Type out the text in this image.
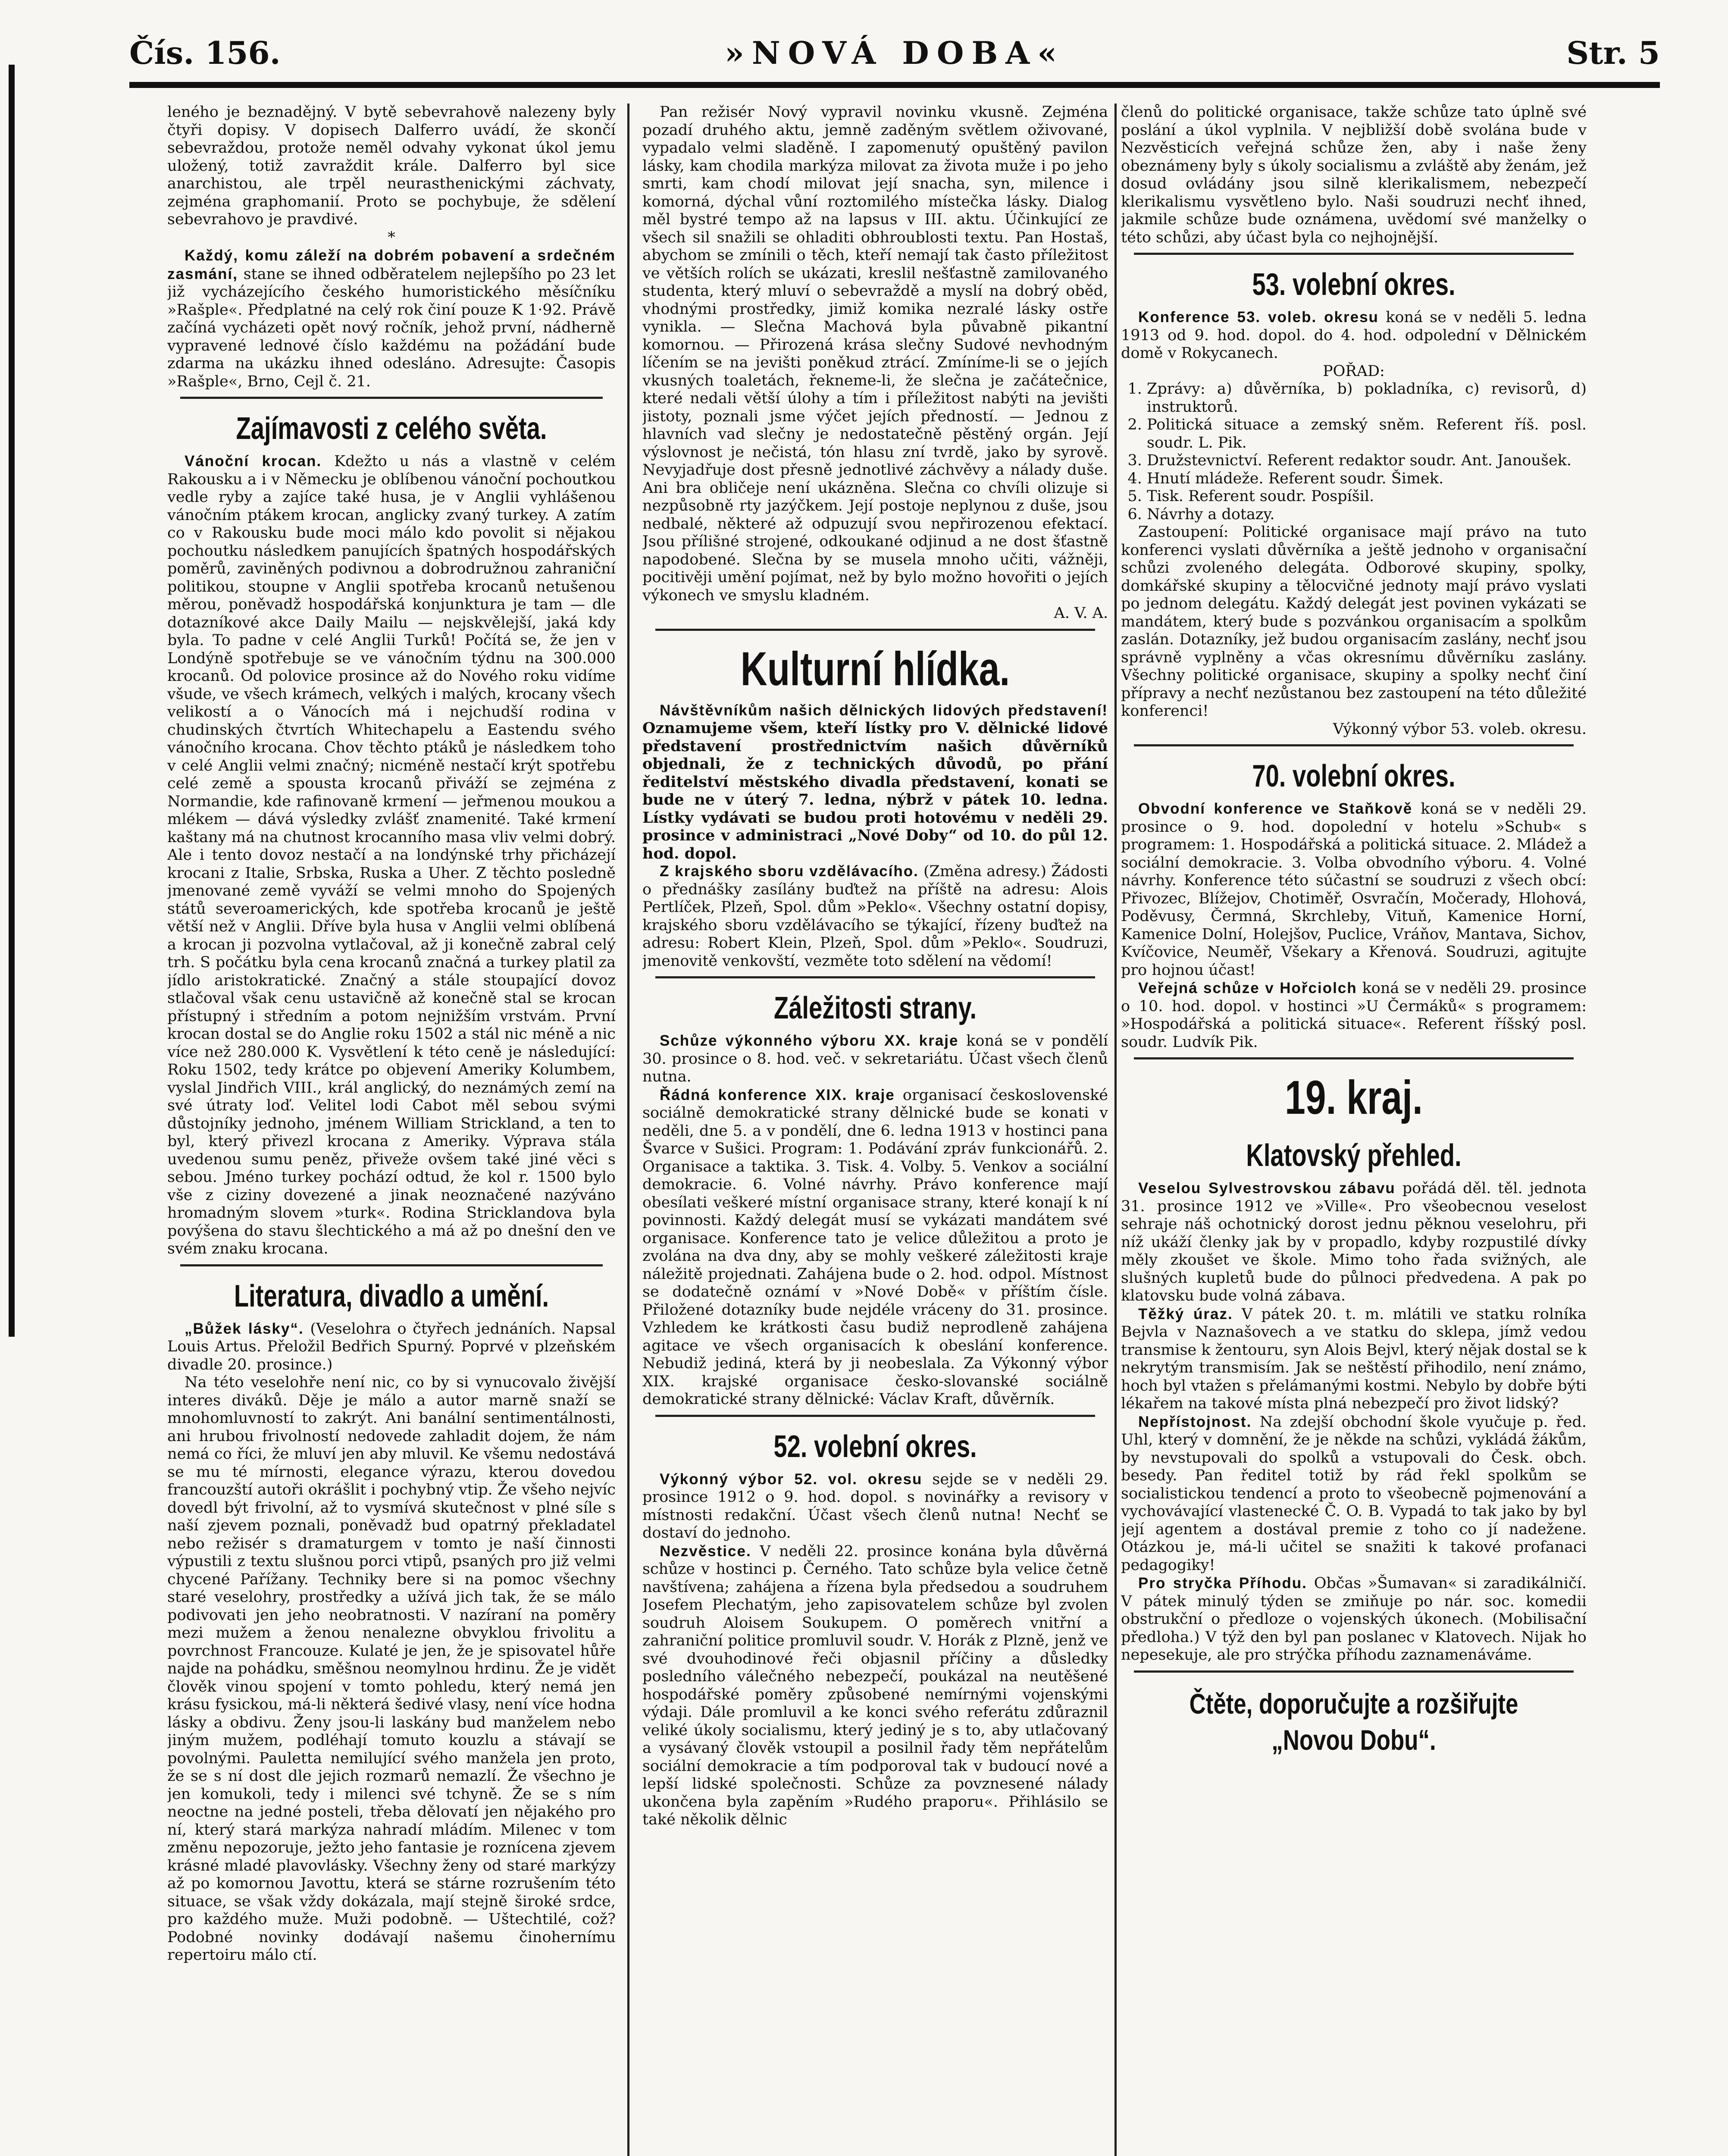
Čís. 156.	»NOVÁ DOBA«	Str. 5

leného je beznadějný. V bytě sebevrahově nalezeny byly čtyři dopisy. V dopisech Dalferro uvádí, že skončí sebevraždou, protože neměl odvahy vykonat úkol jemu uložený, totiž zavraždit krále. Dalferro byl sice anarchistou, ale trpěl neurasthenickými záchvaty, zejména graphomanií. Proto se pochybuje, že sdělení sebevrahovo je pravdivé.

*

Každý, komu záleží na dobrém pobavení a srdečném zasmání, stane se ihned odběratelem nejlepšího po 23 let již vycházejícího českého humoristického měsíčníku »Rašple«. Předplatné na celý rok činí pouze K 1·92. Právě začíná vycházeti opět nový ročník, jehož první, nádherně vypravené lednové číslo každému na požádání bude zdarma na ukázku ihned odesláno. Adresujte: Časopis »Rašple«, Brno, Cejl č. 21.

Zajímavosti z celého světa.

Vánoční krocan. Kdežto u nás a vlastně v celém Rakousku a i v Německu je oblíbenou vánoční pochoutkou vedle ryby a zajíce také husa, je v Anglii vyhlášenou vánočním ptákem krocan, anglicky zvaný turkey. A zatím co v Rakousku bude moci málo kdo povolit si nějakou pochoutku následkem panujících špatných hospodářských poměrů, zaviněných podivnou a dobrodružnou zahraniční politikou, stoupne v Anglii spotřeba krocanů netušenou měrou, poněvadž hospodářská konjunktura je tam — dle dotazníkové akce Daily Mailu — nejskvělejší, jaká kdy byla. To padne v celé Anglii Turků! Počítá se, že jen v Londýně spotřebuje se ve vánočním týdnu na 300.000 krocanů. Od polovice prosince až do Nového roku vidíme všude, ve všech krámech, velkých i malých, krocany všech velikostí a o Vánocích má i nejchudší rodina v chudinských čtvrtích Whitechapelu a Eastendu svého vánočního krocana. Chov těchto ptáků je následkem toho v celé Anglii velmi značný; nicméně nestačí krýt spotřebu celé země a spousta krocanů přiváží se zejména z Normandie, kde rafinovaně krmení — jeřmenou moukou a mlékem — dává výsledky zvlášť znamenité. Také krmení kaštany má na chutnost krocanního masa vliv velmi dobrý. Ale i tento dovoz nestačí a na londýnské trhy přicházejí krocani z Italie, Srbska, Ruska a Uher. Z těchto posledně jmenované země vyváží se velmi mnoho do Spojených států severoamerických, kde spotřeba krocanů je ještě větší než v Anglii. Dříve byla husa v Anglii velmi oblíbená a krocan ji pozvolna vytlačoval, až ji konečně zabral celý trh. S počátku byla cena krocanů značná a turkey platil za jídlo aristokratické. Značný a stále stoupající dovoz stlačoval však cenu ustavičně až konečně stal se krocan přístupný i středním a potom nejnižším vrstvám. První krocan dostal se do Anglie roku 1502 a stál nic méně a nic více než 280.000 K. Vysvětlení k této ceně je následující: Roku 1502, tedy krátce po objevení Ameriky Kolumbem, vyslal Jindřich VIII., král anglický, do neznámých zemí na své útraty loď. Velitel lodi Cabot měl sebou svými důstojníky jednoho, jménem William Strickland, a ten to byl, který přivezl krocana z Ameriky. Výprava stála uvedenou sumu peněz, přiveže ovšem také jiné věci s sebou. Jméno turkey pochází odtud, že kol r. 1500 bylo vše z ciziny dovezené a jinak neoznačené nazýváno hromadným slovem »turk«. Rodina Stricklandova byla povýšena do stavu šlechtického a má až po dnešní den ve svém znaku krocana.

Literatura, divadlo a umění.

„Bůžek lásky“. (Veselohra o čtyřech jednáních. Napsal Louis Artus. Přeložil Bedřich Spurný. Poprvé v plzeňském divadle 20. prosince.)

Na této veselohře není nic, co by si vynucovalo živější interes diváků. Děje je málo a autor marně snaží se mnohomluvností to zakrýt. Ani banální sentimentálnosti, ani hrubou frivolností nedovede zahladit dojem, že nám nemá co říci, že mluví jen aby mluvil. Ke všemu nedostává se mu té mírnosti, elegance výrazu, kterou dovedou francouzští autoři okrášlit i pochybný vtip. Že všeho nejvíc dovedl být frivolní, až to vysmívá skutečnost v plné síle s naší zjevem poznali, poněvadž bud opatrný překladatel nebo režisér s dramaturgem v tomto je naší činnosti výpustili z textu slušnou porci vtipů, psaných pro již velmi chycené Pařížany. Techniky bere si na pomoc všechny staré veselohry, prostředky a užívá jich tak, že se málo podivovati jen jeho neobratnosti. V nazíraní na poměry mezi mužem a ženou nenalezne obvyklou frivolitu a povrchnost Francouze. Kulaté je jen, že je spisovatel hůře najde na pohádku, směšnou neomylnou hrdinu. Že je vidět člověk vinou spojení v tomto pohledu, který nemá jen krásu fysickou, má-li některá šedivé vlasy, není více hodna lásky a obdivu. Ženy jsou-li laskány bud manželem nebo jiným mužem, podléhají tomuto kouzlu a stávají se povolnými. Pauletta nemilující svého manžela jen proto, že se s ní dost dle jejich rozmarů nemazlí. Že všechno je jen komukoli, tedy i milenci své tchyně. Že se s ním neoctne na jedné posteli, třeba dělovatí jen nějakého pro ní, který stará markýza nahradí mládím. Milenec v tom změnu nepozoruje, ježto jeho fantasie je roznícena zjevem krásné mladé plavovlásky. Všechny ženy od staré markýzy až po komornou Javottu, která se stárne rozrušením této situace, se však vždy dokázala, mají stejně široké srdce, pro každého muže. Muži podobně. — Uštechtilé, což? Podobné novinky dodávají našemu činohernímu repertoiru málo ctí.

Pan režisér Nový vypravil novinku vkusně. Zejména pozadí druhého aktu, jemně zaděným světlem oživované, vypadalo velmi sladěně. I zapomenutý opuštěný pavilon lásky, kam chodila markýza milovat za života muže i po jeho smrti, kam chodí milovat její snacha, syn, milence i komorná, dýchal vůní roztomilého místečka lásky. Dialog měl bystré tempo až na lapsus v III. aktu. Účinkující ze všech sil snažili se ohladiti obhroublosti textu. Pan Hostaš, abychom se zmínili o těch, kteří nemají tak často příležitost ve větších rolích se ukázati, kreslil nešťastně zamilovaného studenta, který mluví o sebevraždě a myslí na dobrý oběd, vhodnými prostředky, jimiž komika nezralé lásky ostře vynikla. — Slečna Machová byla půvabně pikantní komornou. — Přirozená krása slečny Sudové nevhodným líčením se na jevišti poněkud ztrácí. Zmíníme-li se o jejích vkusných toaletách, řekneme-li, že slečna je začátečnice, které nedali větší úlohy a tím i příležitost nabýti na jevišti jistoty, poznali jsme výčet jejích předností. — Jednou z hlavních vad slečny je nedostatečně pěstěný orgán. Její výslovnost je nečistá, tón hlasu zní tvrdě, jako by syrově. Nevyjadřuje dost přesně jednotlivé záchvěvy a nálady duše. Ani bra obličeje není ukázněna. Slečna co chvíli olizuje si nezpůsobně rty jazýčkem. Její postoje neplynou z duše, jsou nedbalé, některé až odpuzují svou nepřirozenou efektací. Jsou přílišné strojené, odkoukané odjinud a ne dost šťastně napodobené. Slečna by se musela mnoho učiti, vážněji, pocitivěji umění pojímat, než by bylo možno hovořiti o jejích výkonech ve smyslu kladném.

A. V. A.

Kulturní hlídka.

Návštěvníkům našich dělnických lidových představení! Oznamujeme všem, kteří lístky pro V. dělnické lidové představení prostřednictvím našich důvěrníků objednali, že z technických důvodů, po přání ředitelství městského divadla představení, konati se bude ne v úterý 7. ledna, nýbrž v pátek 10. ledna. Lístky vydávati se budou proti hotovému v neděli 29. prosince v administraci „Nové Doby“ od 10. do půl 12. hod. dopol.

Z krajského sboru vzdělávacího. (Změna adresy.) Žádosti o přednášky zasílány buďtež na příště na adresu: Alois Pertlíček, Plzeň, Spol. dům »Peklo«. Všechny ostatní dopisy, krajského sboru vzdělávacího se týkající, řízeny buďtež na adresu: Robert Klein, Plzeň, Spol. dům »Peklo«. Soudruzi, jmenovitě venkovští, vezměte toto sdělení na vědomí!

Záležitosti strany.

Schůze výkonného výboru XX. kraje koná se v pondělí 30. prosince o 8. hod. več. v sekretariátu. Účast všech členů nutna.

Řádná konference XIX. kraje organisací československé sociálně demokratické strany dělnické bude se konati v neděli, dne 5. a v pondělí, dne 6. ledna 1913 v hostinci pana Švarce v Sušici. Program: 1. Podávání zpráv funkcionářů. 2. Organisace a taktika. 3. Tisk. 4. Volby. 5. Venkov a sociální demokracie. 6. Volné návrhy. Právo konference mají obesílati veškeré místní organisace strany, které konají k ní povinnosti. Každý delegát musí se vykázati mandátem své organisace. Konference tato je velice důležitou a proto je zvolána na dva dny, aby se mohly veškeré záležitosti kraje náležitě projednati. Zahájena bude o 2. hod. odpol. Místnost se dodatečně oznámí v »Nové Době« v příštím čísle. Přiložené dotazníky bude nejdéle vráceny do 31. prosince. Vzhledem ke krátkosti času budiž neprodleně zahájena agitace ve všech organisacích k obeslání konference. Nebudiž jediná, která by ji neobeslala. Za Výkonný výbor XIX. krajské organisace česko-slovanské sociálně demokratické strany dělnické: Václav Kraft, důvěrník.

52. volební okres.

Výkonný výbor 52. vol. okresu sejde se v neděli 29. prosince 1912 o 9. hod. dopol. s novinářky a revisory v místnosti redakční. Účast všech členů nutna! Nechť se dostaví do jednoho.

Nezvěstice. V neděli 22. prosince konána byla důvěrná schůze v hostinci p. Černého. Tato schůze byla velice četně navštívena; zahájena a řízena byla předsedou a soudruhem Josefem Plechatým, jeho zapisovatelem schůze byl zvolen soudruh Aloisem Soukupem. O poměrech vnitřní a zahraniční politice promluvil soudr. V. Horák z Plzně, jenž ve své dvouhodinové řeči objasnil příčiny a důsledky posledního válečného nebezpečí, poukázal na neutěšené hospodářské poměry způsobené nemírnými vojenskými výdaji. Dále promluvil a ke konci svého referátu zdůraznil veliké úkoly socialismu, který jediný je s to, aby utlačovaný a vysávaný člověk vstoupil a posilnil řady těm nepřátelům sociální demokracie a tím podporoval tak v budoucí nové a lepší lidské společnosti. Schůze za povznesené nálady ukončena byla zapěním »Rudého praporu«. Přihlásilo se také několik dělnic

členů do politické organisace, takže schůze tato úplně své poslání a úkol vyplnila. V nejbližší době svolána bude v Nezvěsticích veřejná schůze žen, aby i naše ženy obeznámeny byly s úkoly socialismu a zvláště aby ženám, jež dosud ovládány jsou silně klerikalismem, nebezpečí klerikalismu vysvětleno bylo. Naši soudruzi nechť ihned, jakmile schůze bude oznámena, uvědomí své manželky o této schůzi, aby účast byla co nejhojnější.

53. volební okres.

Konference 53. voleb. okresu koná se v neděli 5. ledna 1913 od 9. hod. dopol. do 4. hod. odpolední v Dělnickém domě v Rokycanech.

POŘAD:

1. Zprávy: a) důvěrníka, b) pokladníka, c) revisorů, d) instruktorů.
2. Politická situace a zemský sněm. Referent říš. posl. soudr. L. Pik.
3. Družstevnictví. Referent redaktor soudr. Ant. Janoušek.
4. Hnutí mládeže. Referent soudr. Šimek.
5. Tisk. Referent soudr. Pospíšil.
6. Návrhy a dotazy.

Zastoupení: Politické organisace mají právo na tuto konferenci vyslati důvěrníka a ještě jednoho v organisační schůzi zvoleného delegáta. Odborové skupiny, spolky, domkářské skupiny a tělocvičné jednoty mají právo vyslati po jednom delegátu. Každý delegát jest povinen vykázati se mandátem, který bude s pozvánkou organisacím a spolkům zaslán. Dotazníky, jež budou organisacím zaslány, nechť jsou správně vyplněny a včas okresnímu důvěrníku zaslány. Všechny politické organisace, skupiny a spolky nechť činí přípravy a nechť nezůstanou bez zastoupení na této důležité konferenci!

Výkonný výbor 53. voleb. okresu.

70. volební okres.

Obvodní konference ve Staňkově koná se v neděli 29. prosince o 9. hod. dopolední v hotelu »Schub« s programem: 1. Hospodářská a politická situace. 2. Mládež a sociální demokracie. 3. Volba obvodního výboru. 4. Volné návrhy. Konference této súčastní se soudruzi z všech obcí: Přivozec, Blížejov, Chotiměř, Osvračín, Močerady, Hlohová, Poděvusy, Čermná, Skrchleby, Vituň, Kamenice Horní, Kamenice Dolní, Holejšov, Puclice, Vráňov, Mantava, Sichov, Kvíčovice, Neuměř, Všekary a Křenová. Soudruzi, agitujte pro hojnou účast!

Veřejná schůze v Hořciolch koná se v neděli 29. prosince o 10. hod. dopol. v hostinci »U Čermáků« s programem: »Hospodářská a politická situace«. Referent říšský posl. soudr. Ludvík Pik.

19. kraj.
Klatovský přehled.

Veselou Sylvestrovskou zábavu pořádá děl. těl. jednota 31. prosince 1912 ve »Ville«. Pro všeobecnou veselost sehraje náš ochotnický dorost jednu pěknou veselohru, při níž ukáží členky jak by v propadlo, kdyby rozpustilé dívky měly zkoušet ve škole. Mimo toho řada svižných, ale slušných kupletů bude do půlnoci předvedena. A pak po klatovsku bude volná zábava.

Těžký úraz. V pátek 20. t. m. mlátili ve statku rolníka Bejvla v Naznašovech a ve statku do sklepa, jímž vedou transmise k žentouru, syn Alois Bejvl, který nějak dostal se k nekrytým transmisím. Jak se neštěstí přihodilo, není známo, hoch byl vtažen s přelámanými kostmi. Nebylo by dobře býti lékařem na takové místa plná nebezpečí pro život lidský?

Nepřístojnost. Na zdejší obchodní škole vyučuje p. řed. Uhl, který v domnění, že je někde na schůzi, vykládá žákům, by nevstupovali do spolků a vstupovali do Česk. obch. besedy. Pan ředitel totiž by rád řekl spolkům se socialistickou tendencí a proto to všeobecně pojmenování a vychovávající vlastenecké Č. O. B. Vypadá to tak jako by byl její agentem a dostával premie z toho co jí nadežene. Otázkou je, má-li učitel se snažiti k takové profanaci pedagogiky!

Pro stryčka Příhodu. Občas »Šumavan« si zaradikálničí. V pátek minulý týden se zmiňuje po nár. soc. komedii obstrukční o předloze o vojenských úkonech. (Mobilisační předloha.) V týž den byl pan poslanec v Klatovech. Nijak ho nepesekuje, ale pro strýčka příhodu zaznamenáváme.

Čtěte, doporučujte a rozšiřujte „Novou Dobu“.
